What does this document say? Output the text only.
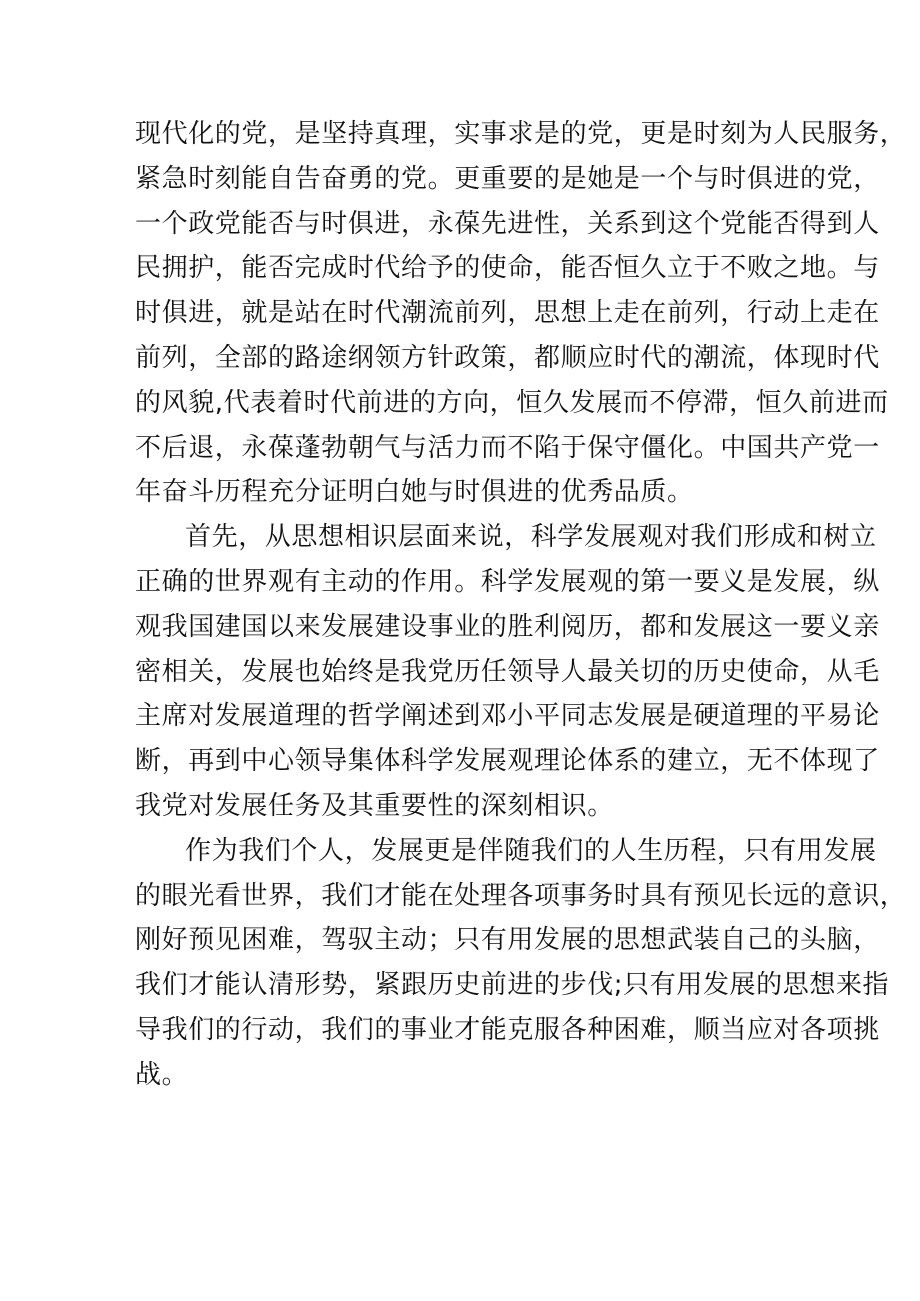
现代化的党，是坚持真理，实事求是的党，更是时刻为人民服务，
紧急时刻能自告奋勇的党。更重要的是她是一个与时俱进的党，
一个政党能否与时俱进，永葆先进性，关系到这个党能否得到人
民拥护，能否完成时代给予的使命，能否恒久立于不败之地。与
时俱进，就是站在时代潮流前列，思想上走在前列，行动上走在
前列，全部的路途纲领方针政策，都顺应时代的潮流，体现时代
的风貌,代表着时代前进的方向，恒久发展而不停滞，恒久前进而
不后退，永葆蓬勃朝气与活力而不陷于保守僵化。中国共产党一
年奋斗历程充分证明白她与时俱进的优秀品质。
首先，从思想相识层面来说，科学发展观对我们形成和树立
正确的世界观有主动的作用。科学发展观的第一要义是发展，纵
观我国建国以来发展建设事业的胜利阅历，都和发展这一要义亲
密相关，发展也始终是我党历任领导人最关切的历史使命，从毛
主席对发展道理的哲学阐述到邓小平同志发展是硬道理的平易论
断，再到中心领导集体科学发展观理论体系的建立，无不体现了
我党对发展任务及其重要性的深刻相识。
作为我们个人，发展更是伴随我们的人生历程，只有用发展
的眼光看世界，我们才能在处理各项事务时具有预见长远的意识，
刚好预见困难，驾驭主动；只有用发展的思想武装自己的头脑，
我们才能认清形势，紧跟历史前进的步伐;只有用发展的思想来指
导我们的行动，我们的事业才能克服各种困难，顺当应对各项挑
战。
